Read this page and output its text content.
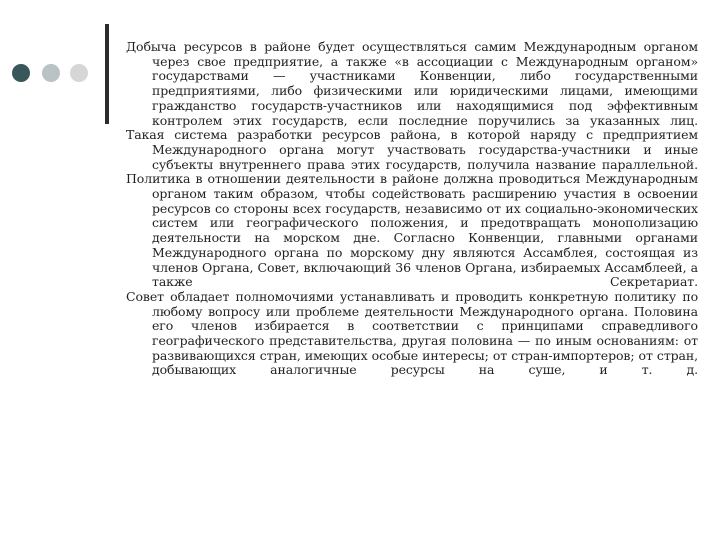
Добыча ресурсов в районе будет осуществляться самим Международным органом через свое предприятие, а также «в ассоциации с Международным органом» государствами — участниками Конвенции, либо государственными предприятиями, либо физическими или юридическими лицами, имеющими гражданство государств-участников или находящимися под эффективным контролем этих государств, если последние поручились за указанных лиц.

Такая система разработки ресурсов района, в которой наряду с предприятием Международного органа могут участвовать государства-участники и иные субъекты внутреннего права этих государств, получила название параллельной.

Политика в отношении деятельности в районе должна проводиться Международным органом таким образом, чтобы содействовать расширению участия в освоении ресурсов со стороны всех государств, независимо от их социально-экономических систем или географического положения, и предотвращать монополизацию деятельности на морском дне. Согласно Конвенции, главными органами Международного органа по морскому дну являются Ассамблея, состоящая из членов Органа, Совет, включающий 36 членов Органа, избираемых Ассамблеей, а также Секретариат.

Совет обладает полномочиями устанавливать и проводить конкретную политику по любому вопросу или проблеме деятельности Международного органа. Половина его членов избирается в соответствии с принципами справедливого географического представительства, другая половина — по иным основаниям: от развивающихся стран, имеющих особые интересы; от стран-импортеров; от стран, добывающих аналогичные ресурсы на суше, и т. д.
